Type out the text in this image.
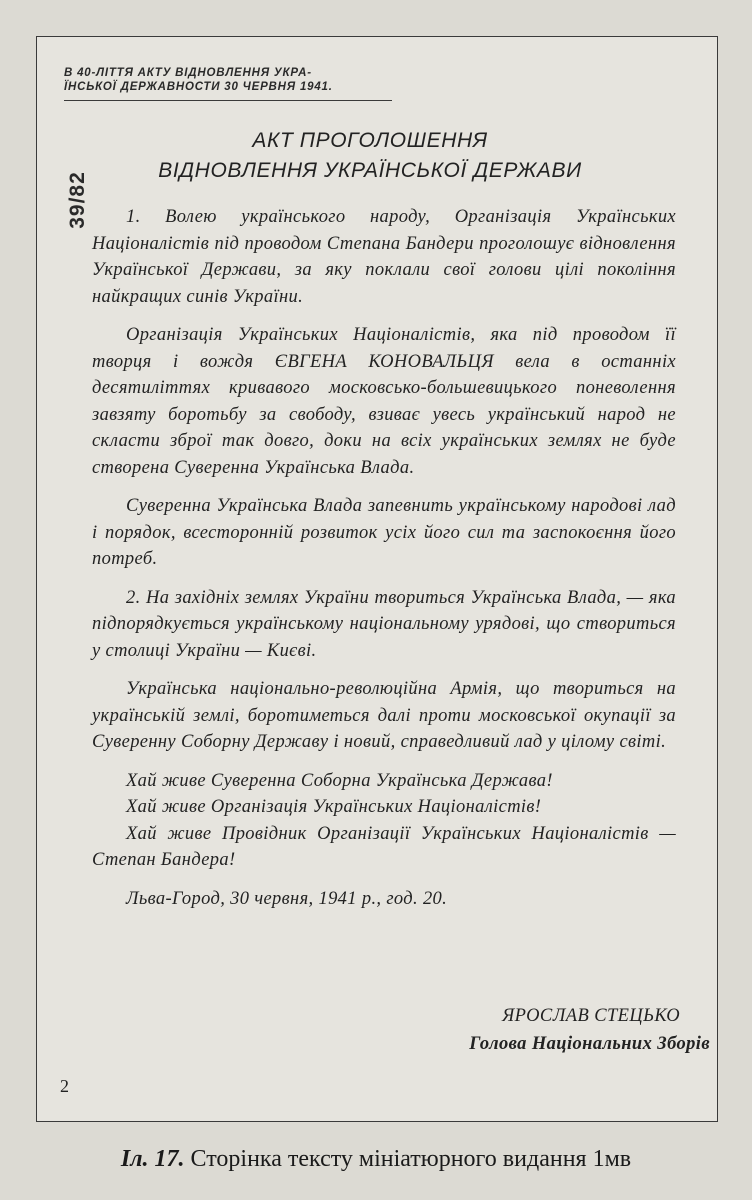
В 40-ЛІТТЯ АКТУ ВІДНОВЛЕННЯ УКРА-
ЇНСЬКОЇ ДЕРЖАВНОСТИ 30 ЧЕРВНЯ 1941.
39/82
АКТ ПРОГОЛОШЕННЯ
ВІДНОВЛЕННЯ УКРАЇНСЬКОЇ ДЕРЖАВИ

1. Волею українського народу, Організація Українських Націоналістів під проводом Степана Бандери проголошує відновлення Української Держави, за яку поклали свої голови цілі покоління найкращих синів України.

Організація Українських Націоналістів, яка під проводом її творця і вождя ЄВГЕНА КОНОВАЛЬЦЯ вела в останніх десятиліттях кривавого московсько-большевицького поневолення завзяту боротьбу за свободу, взиває увесь український народ не скласти зброї так довго, доки на всіх українських землях не буде створена Суверенна Українська Влада.

Суверенна Українська Влада запевнить українському народові лад і порядок, всесторонній розвиток усіх його сил та заспокоєння його потреб.

2. На західніх землях України твориться Українська Влада, — яка підпорядкується українському національному урядові, що створиться у столиці України — Києві.

Українська національно-революційна Армія, що твориться на українській землі, боротиметься далі проти московської окупації за Суверенну Соборну Державу і новий, справедливий лад у цілому світі.

Хай живе Суверенна Соборна Українська Держава!

Хай живе Організація Українських Націоналістів!

Хай живе Провідник Організації Українських Націоналістів — Степан Бандера!

Льва-Город, 30 червня, 1941 р., год. 20.

ЯРОСЛАВ СТЕЦЬКО
Голова Національних Зборів
2
Іл. 17. Сторінка тексту мініатюрного видання 1мв
